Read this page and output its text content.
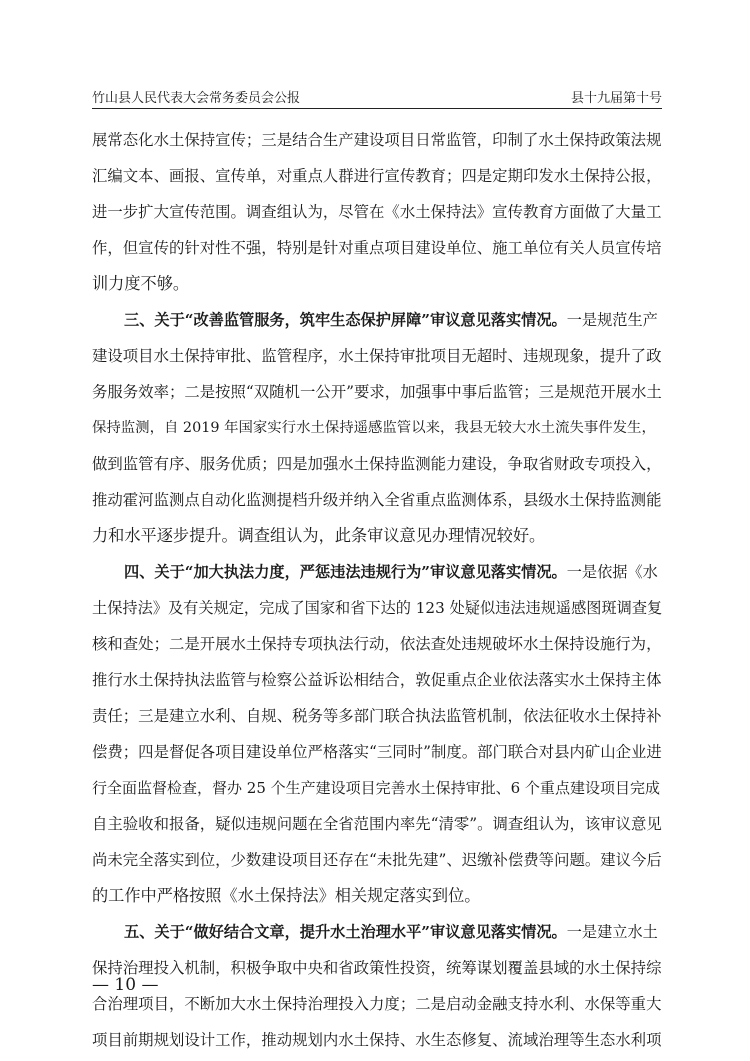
竹山县人民代表大会常务委员会公报	县十九届第十号
展常态化水土保持宣传；三是结合生产建设项目日常监管，印制了水土保持政策法规
汇编文本、画报、宣传单，对重点人群进行宣传教育；四是定期印发水土保持公报，
进一步扩大宣传范围。调查组认为，尽管在《水土保持法》宣传教育方面做了大量工
作，但宣传的针对性不强，特别是针对重点项目建设单位、施工单位有关人员宣传培
训力度不够。
三、关于“改善监管服务，筑牢生态保护屏障”审议意见落实情况。一是规范生产
建设项目水土保持审批、监管程序，水土保持审批项目无超时、违规现象，提升了政
务服务效率；二是按照“双随机一公开”要求，加强事中事后监管；三是规范开展水土
保持监测，自 2019 年国家实行水土保持遥感监管以来，我县无较大水土流失事件发生，
做到监管有序、服务优质；四是加强水土保持监测能力建设，争取省财政专项投入，
推动霍河监测点自动化监测提档升级并纳入全省重点监测体系，县级水土保持监测能
力和水平逐步提升。调查组认为，此条审议意见办理情况较好。
四、关于“加大执法力度，严惩违法违规行为”审议意见落实情况。一是依据《水
土保持法》及有关规定，完成了国家和省下达的 123 处疑似违法违规遥感图斑调查复
核和查处；二是开展水土保持专项执法行动，依法查处违规破坏水土保持设施行为，
推行水土保持执法监管与检察公益诉讼相结合，敦促重点企业依法落实水土保持主体
责任；三是建立水利、自规、税务等多部门联合执法监管机制，依法征收水土保持补
偿费；四是督促各项目建设单位严格落实“三同时”制度。部门联合对县内矿山企业进
行全面监督检查，督办 25 个生产建设项目完善水土保持审批、6 个重点建设项目完成
自主验收和报备，疑似违规问题在全省范围内率先“清零”。调查组认为，该审议意见
尚未完全落实到位，少数建设项目还存在“未批先建”、迟缴补偿费等问题。建议今后
的工作中严格按照《水土保持法》相关规定落实到位。
五、关于“做好结合文章，提升水土治理水平”审议意见落实情况。一是建立水土
保持治理投入机制，积极争取中央和省政策性投资，统筹谋划覆盖县域的水土保持综
合治理项目，不断加大水土保持治理投入力度；二是启动金融支持水利、水保等重大
项目前期规划设计工作，推动规划内水土保持、水生态修复、流域治理等生态水利项
— 10 —
